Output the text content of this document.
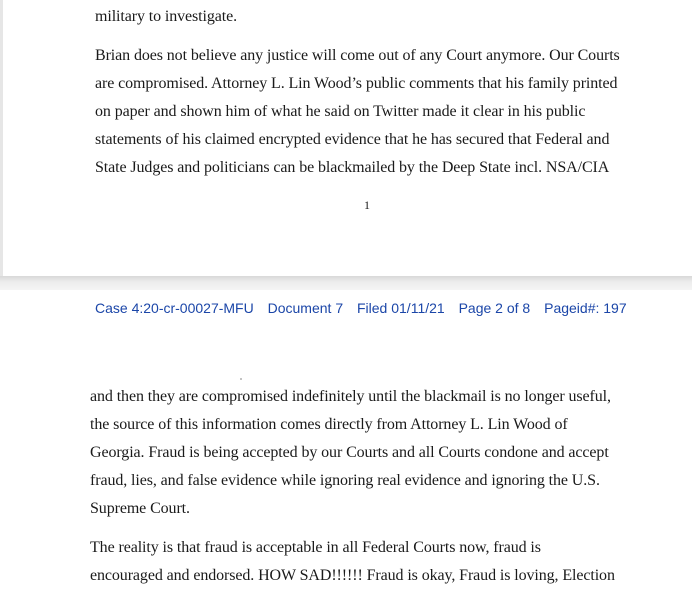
military to investigate.
Brian does not believe any justice will come out of any Court anymore. Our Courts
are compromised. Attorney L. Lin Wood’s public comments that his family printed
on paper and shown him of what he said on Twitter made it clear in his public
statements of his claimed encrypted evidence that he has secured that Federal and
State Judges and politicians can be blackmailed by the Deep State incl. NSA/CIA
1
Case 4:20-cr-00027-MFU Document 7 Filed 01/11/21 Page 2 of 8 Pageid#: 197
and then they are compromised indefinitely until the blackmail is no longer useful,
the source of this information comes directly from Attorney L. Lin Wood of
Georgia. Fraud is being accepted by our Courts and all Courts condone and accept
fraud, lies, and false evidence while ignoring real evidence and ignoring the U.S.
Supreme Court.
The reality is that fraud is acceptable in all Federal Courts now, fraud is
encouraged and endorsed. HOW SAD!!!!!! Fraud is okay, Fraud is loving, Election
